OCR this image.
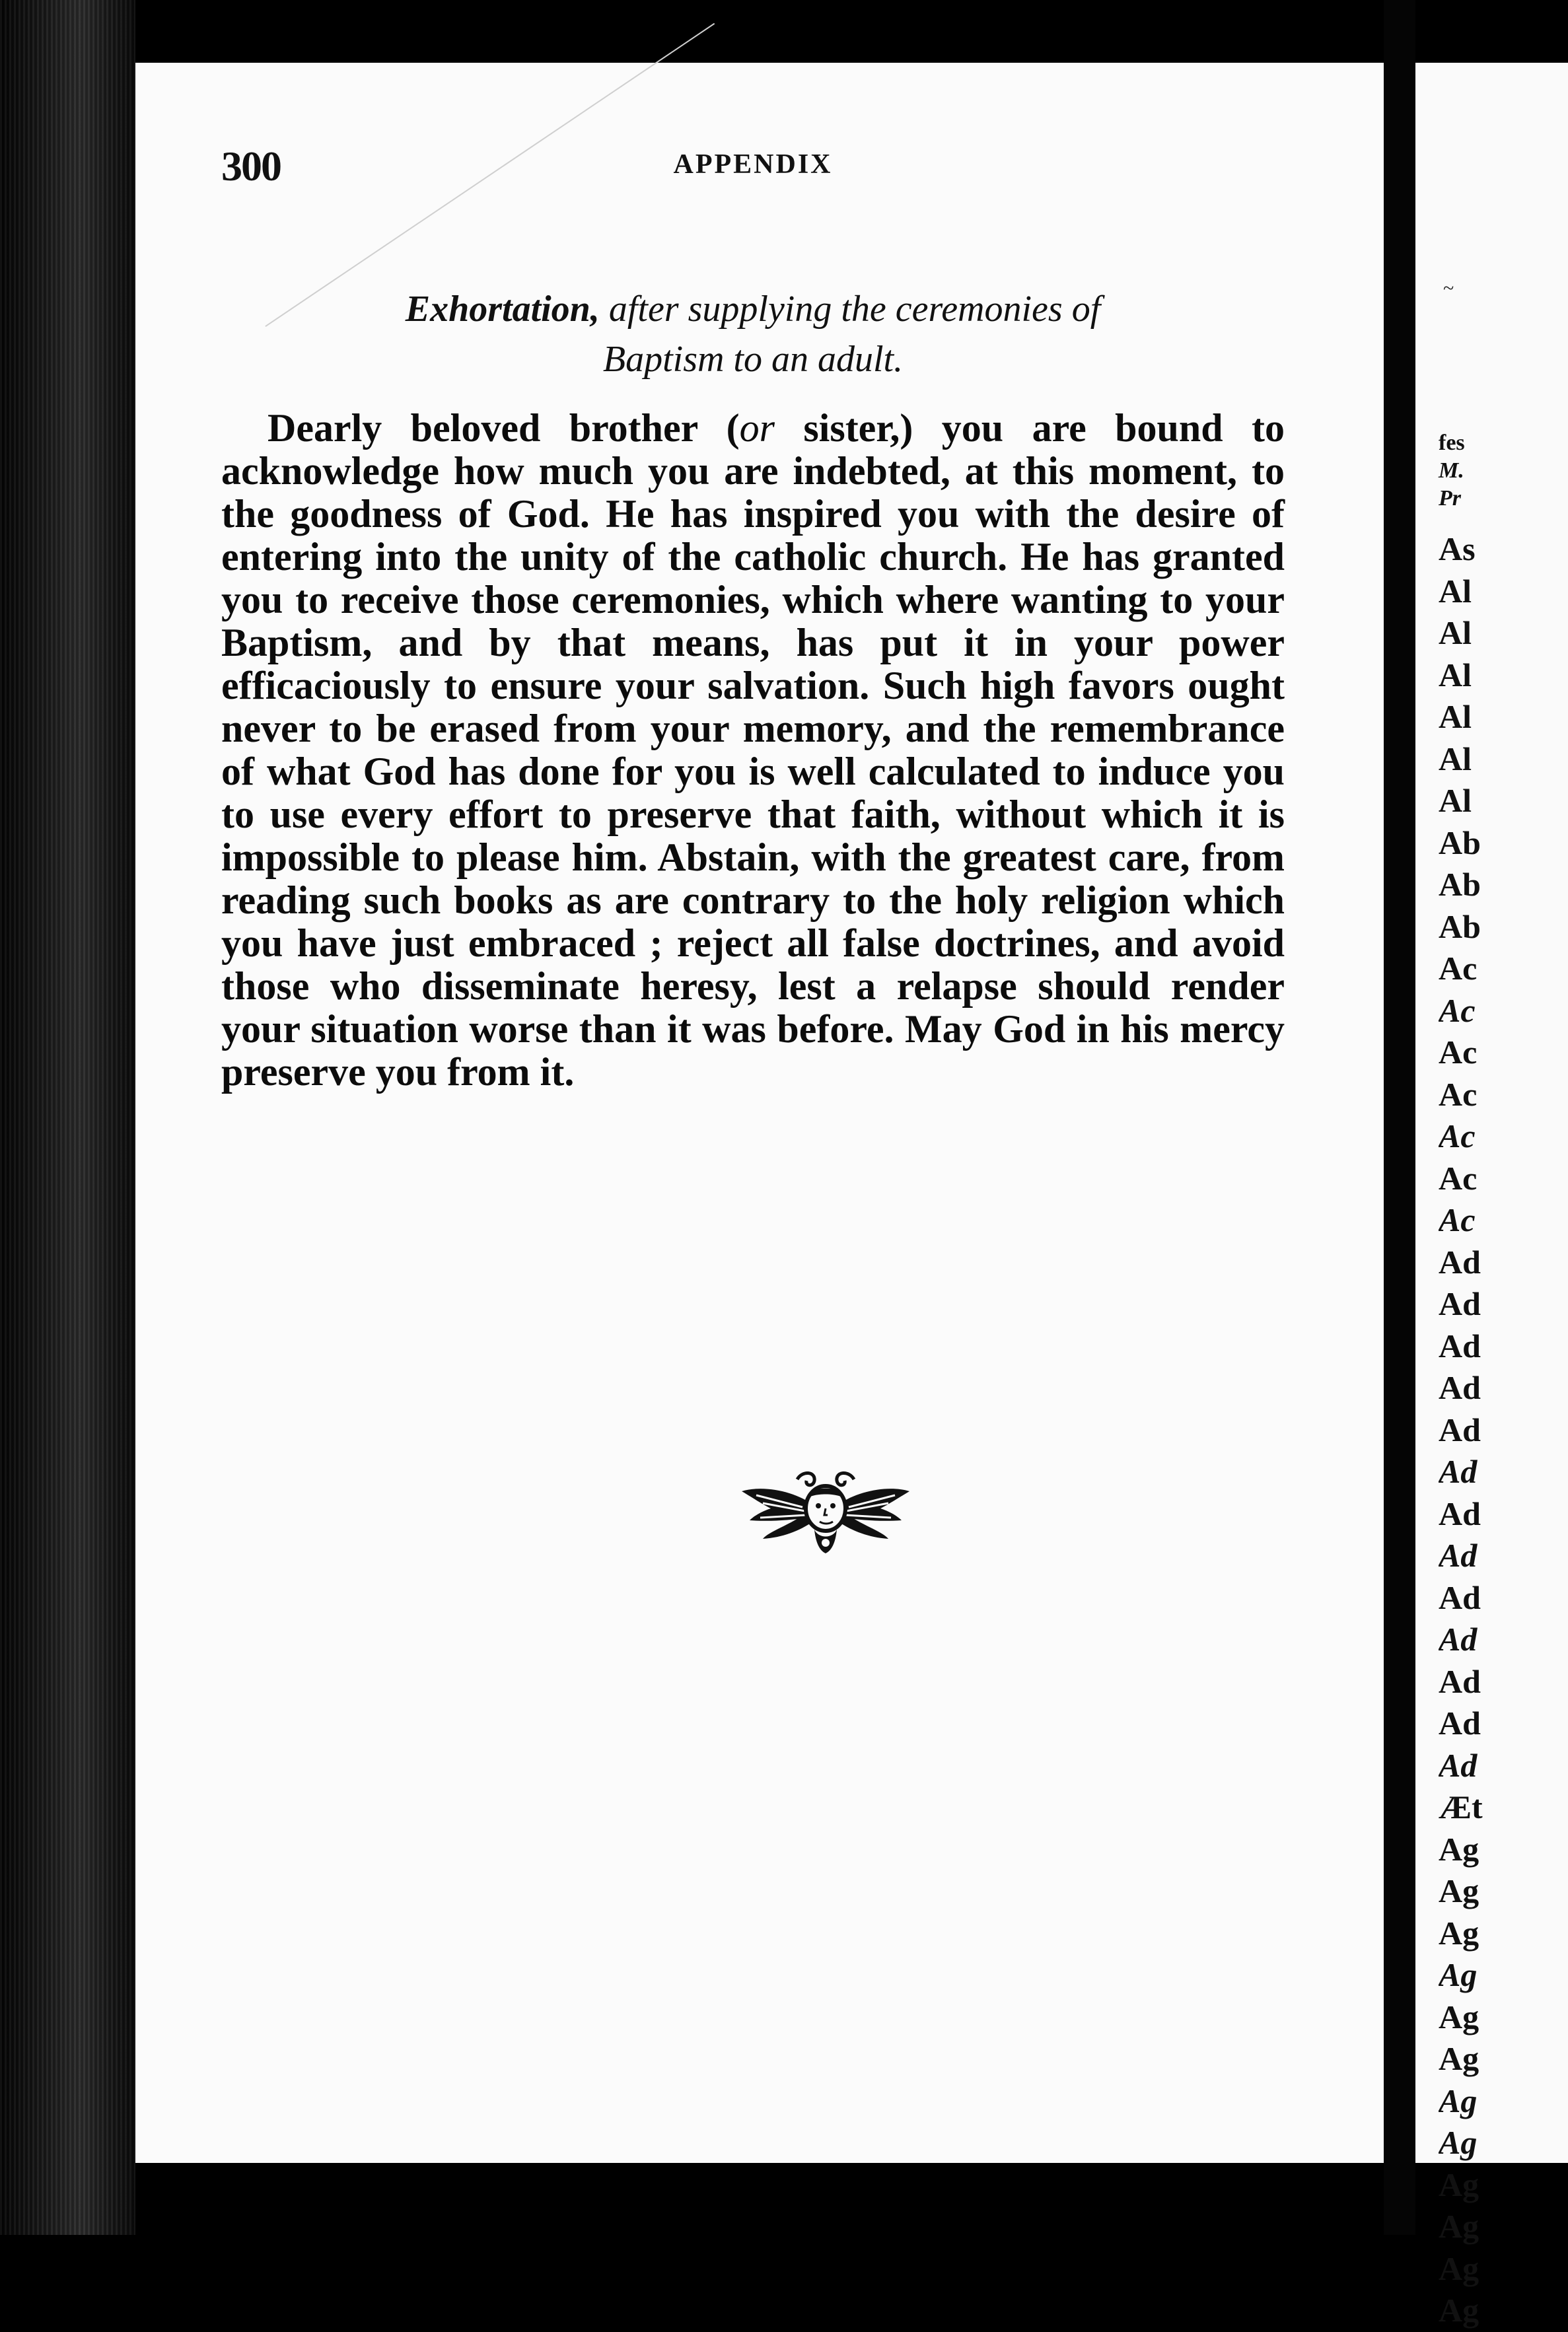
300	APPENDIX
Exhortation, after supplying the ceremonies of
Baptism to an adult.
Dearly beloved brother (or sister,) you are bound to acknowledge how much you are indebted, at this moment, to the goodness of God. He has inspired you with the desire of entering into the unity of the catholic church. He has granted you to receive those ceremonies, which where wanting to your Baptism, and by that means, has put it in your power efficaciously to ensure your salvation. Such high favors ought never to be erased from your memory, and the remembrance of what God has done for you is well calculated to induce you to use every effort to preserve that faith, without which it is impossible to please him. Abstain, with the greatest care, from reading such books as are contrary to the holy religion which you have just embraced ; reject all false doctrines, and avoid those who disseminate heresy, lest a relapse should render your situation worse than it was before. May God in his mercy preserve you from it.
~
fes
M.
Pr
As
Al
Al
Al
Al
Al
Al
Ab
Ab
Ab
Ac
Ac
Ac
Ac
Ac
Ac
Ac
Ad
Ad
Ad
Ad
Ad
Ad
Ad
Ad
Ad
Ad
Ad
Ad
Ad
Æt
Ag
Ag
Ag
Ag
Ag
Ag
Ag
Ag
Ag
Ag
Ag
Ag
